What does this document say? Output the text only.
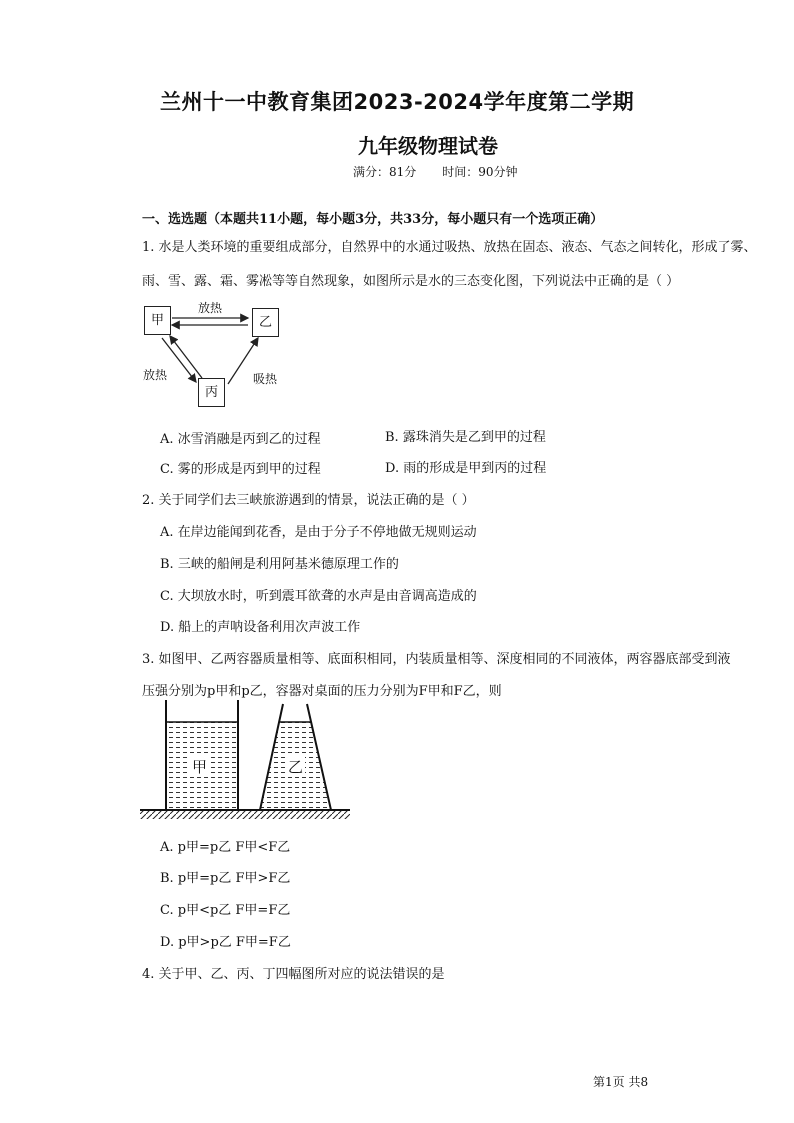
兰州十一中教育集团2023-2024学年度第二学期
九年级物理试卷
满分：81分 时间：90分钟
一、选选题（本题共11小题，每小题3分，共33分，每小题只有一个选项正确）
1. 水是人类环境的重要组成部分，自然界中的水通过吸热、放热在固态、液态、气态之间转化，形成了雾、
雨、雪、露、霜、雾凇等等自然现象，如图所示是水的三态变化图，下列说法中正确的是（ ）
甲	乙
丙
放热
放热	吸热
A. 冰雪消融是丙到乙的过程	B. 露珠消失是乙到甲的过程
C. 雾的形成是丙到甲的过程	D. 雨的形成是甲到丙的过程
2. 关于同学们去三峡旅游遇到的情景，说法正确的是（ ）
A. 在岸边能闻到花香，是由于分子不停地做无规则运动
B. 三峡的船闸是利用阿基米德原理工作的
C. 大坝放水时，听到震耳欲聋的水声是由音调高造成的
D. 船上的声呐设备利用次声波工作
3. 如图甲、乙两容器质量相等、底面积相同，内装质量相等、深度相同的不同液体，两容器底部受到液
压强分别为p甲和p乙，容器对桌面的压力分别为F甲和F乙，则
甲	乙
A. p甲=p乙 F甲<F乙
B. p甲=p乙 F甲>F乙
C. p甲<p乙 F甲=F乙
D. p甲>p乙 F甲=F乙
4. 关于甲、乙、丙、丁四幅图所对应的说法错误的是
第1页 共8
